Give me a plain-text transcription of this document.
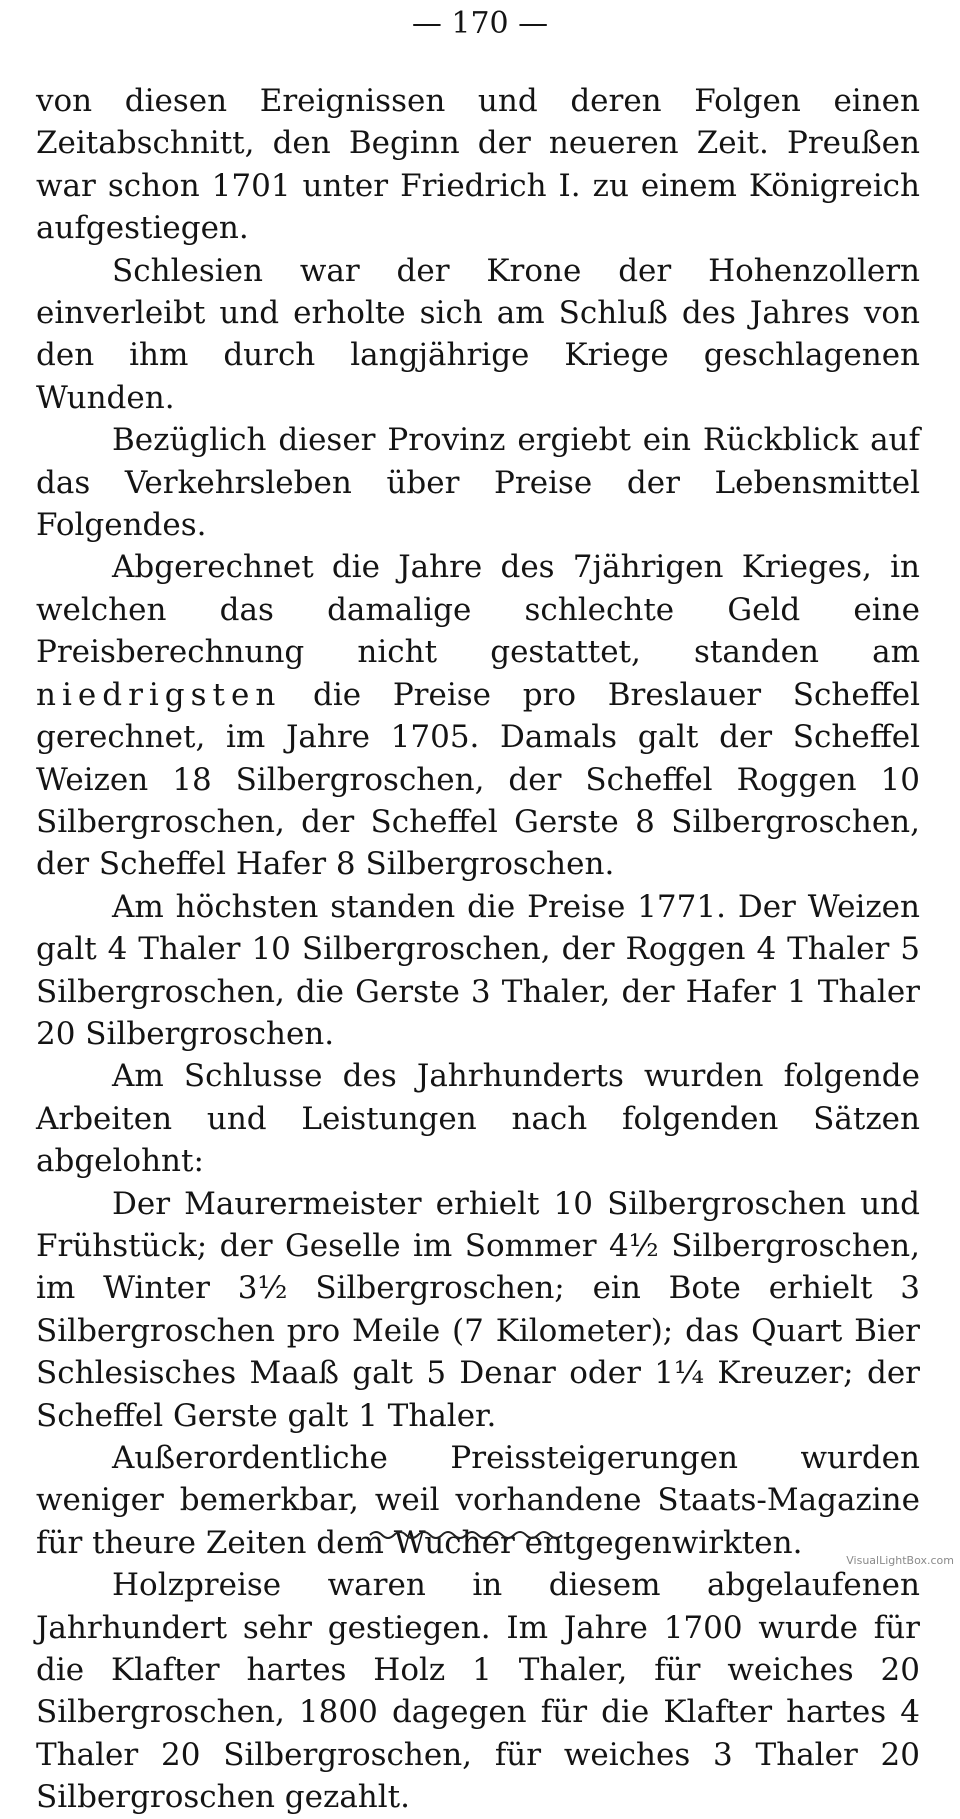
— 170 —

von diesen Ereignissen und deren Folgen einen Zeitabschnitt, den Beginn der neueren Zeit. Preußen war schon 1701 unter Friedrich I. zu einem Königreich aufgestiegen.

Schlesien war der Krone der Hohenzollern einverleibt und erholte sich am Schluß des Jahres von den ihm durch langjährige Kriege geschlagenen Wunden.

Bezüglich dieser Provinz ergiebt ein Rückblick auf das Verkehrsleben über Preise der Lebensmittel Folgendes.

Abgerechnet die Jahre des 7jährigen Krieges, in welchen das damalige schlechte Geld eine Preisberechnung nicht gestattet, standen am niedrigsten die Preise pro Breslauer Scheffel gerechnet, im Jahre 1705. Damals galt der Scheffel Weizen 18 Silbergroschen, der Scheffel Roggen 10 Silbergroschen, der Scheffel Gerste 8 Silbergroschen, der Scheffel Hafer 8 Silbergroschen.

Am höchsten standen die Preise 1771. Der Weizen galt 4 Thaler 10 Silbergroschen, der Roggen 4 Thaler 5 Silbergroschen, die Gerste 3 Thaler, der Hafer 1 Thaler 20 Silbergroschen.

Am Schlusse des Jahrhunderts wurden folgende Arbeiten und Leistungen nach folgenden Sätzen abgelohnt:

Der Maurermeister erhielt 10 Silbergroschen und Frühstück; der Geselle im Sommer 4½ Silbergroschen, im Winter 3½ Silbergroschen; ein Bote erhielt 3 Silbergroschen pro Meile (7 Kilometer); das Quart Bier Schlesisches Maaß galt 5 Denar oder 1¼ Kreuzer; der Scheffel Gerste galt 1 Thaler.

Außerordentliche Preissteigerungen wurden weniger bemerkbar, weil vorhandene Staats-Magazine für theure Zeiten dem Wucher entgegenwirkten.

Holzpreise waren in diesem abgelaufenen Jahrhundert sehr gestiegen. Im Jahre 1700 wurde für die Klafter hartes Holz 1 Thaler, für weiches 20 Silbergroschen, 1800 dagegen für die Klafter hartes 4 Thaler 20 Silbergroschen, für weiches 3 Thaler 20 Silbergroschen gezahlt.

VisualLightBox.com
